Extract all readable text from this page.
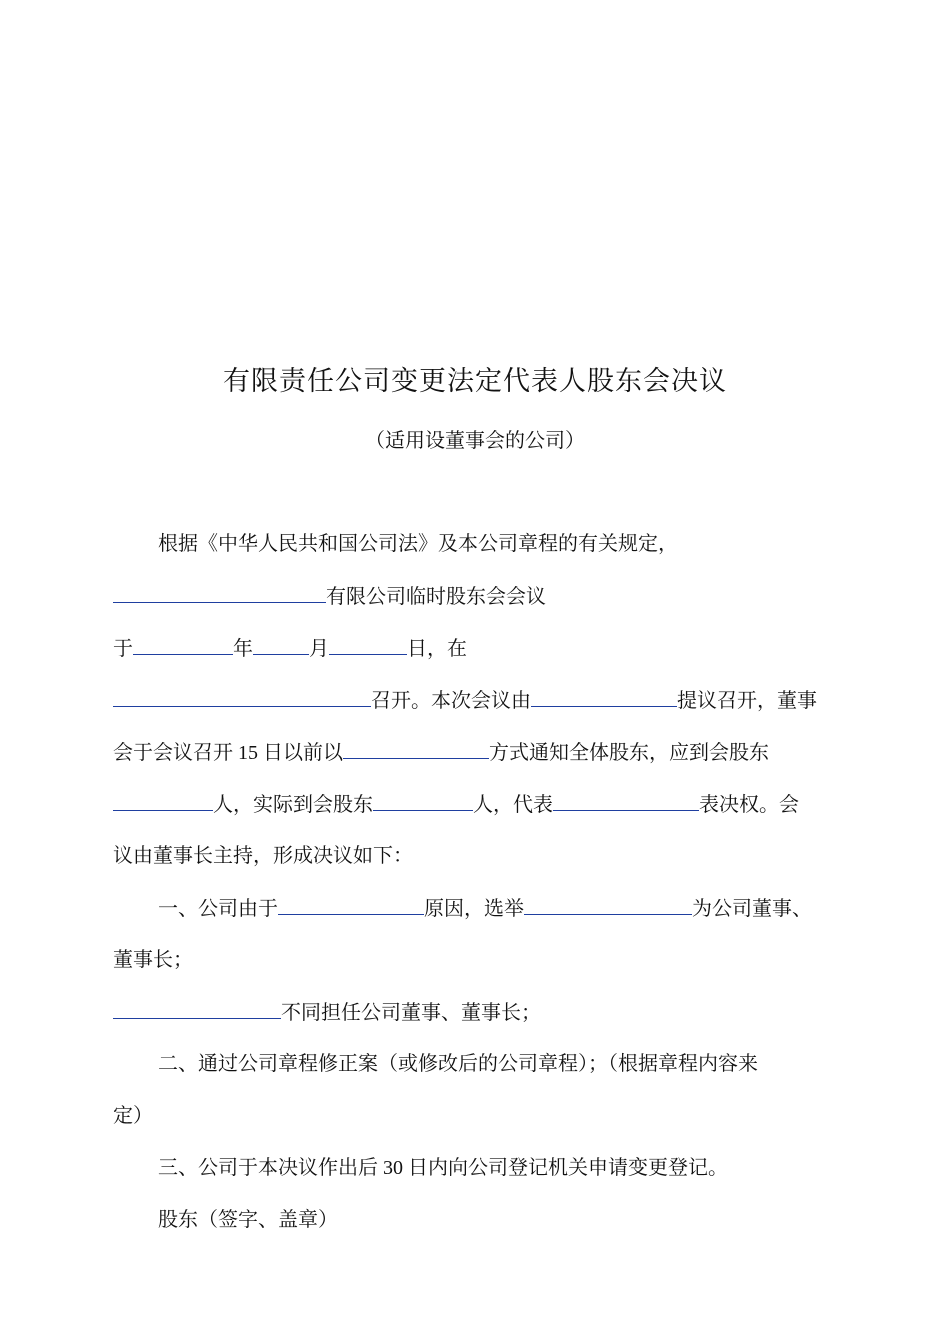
有限责任公司变更法定代表人股东会决议
（适用设董事会的公司）
根据《中华人民共和国公司法》及本公司章程的有关规定，
有限公司临时股东会会议
于	年	月	日，在
召开。本次会议由	提议召开，董事
会于会议召开 15 日以前以	方式通知全体股东，应到会股东
人，实际到会股东	人，代表	表决权。会
议由董事长主持，形成决议如下：
一、公司由于	原因，选举	为公司董事、
董事长；
不同担任公司董事、董事长；
二、通过公司章程修正案（或修改后的公司章程）；（根据章程内容来
定）
三、公司于本决议作出后 30 日内向公司登记机关申请变更登记。
股东（签字、盖章）
